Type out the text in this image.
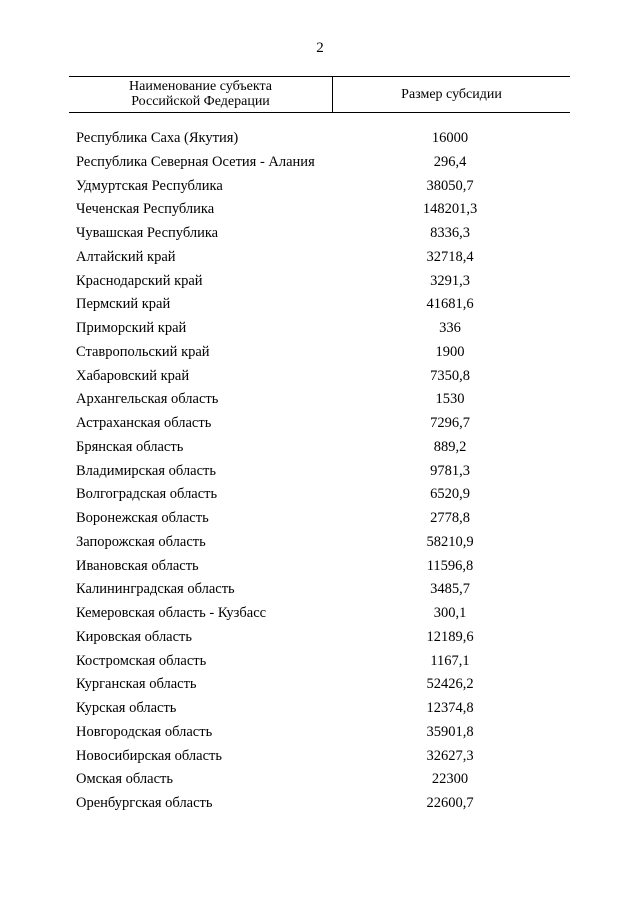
2
Наименование субъекта
Российской Федерации	Размер субсидии
Республика Саха (Якутия)	16000
Республика Северная Осетия - Алания	296,4
Удмуртская Республика	38050,7
Чеченская Республика	148201,3
Чувашская Республика	8336,3
Алтайский край	32718,4
Краснодарский край	3291,3
Пермский край	41681,6
Приморский край	336
Ставропольский край	1900
Хабаровский край	7350,8
Архангельская область	1530
Астраханская область	7296,7
Брянская область	889,2
Владимирская область	9781,3
Волгоградская область	6520,9
Воронежская область	2778,8
Запорожская область	58210,9
Ивановская область	11596,8
Калининградская область	3485,7
Кемеровская область - Кузбасс	300,1
Кировская область	12189,6
Костромская область	1167,1
Курганская область	52426,2
Курская область	12374,8
Новгородская область	35901,8
Новосибирская область	32627,3
Омская область	22300
Оренбургская область	22600,7
